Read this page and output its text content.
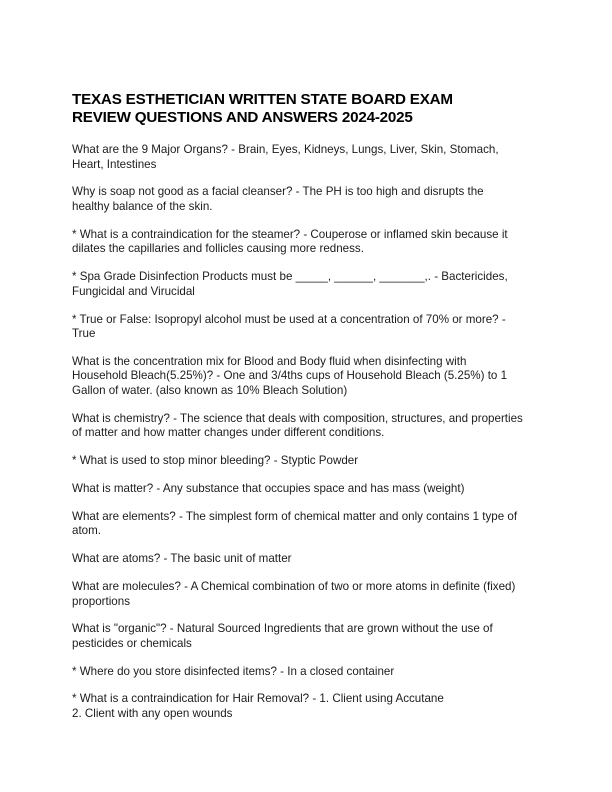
TEXAS ESTHETICIAN WRITTEN STATE BOARD EXAM
REVIEW QUESTIONS AND ANSWERS 2024-2025
What are the 9 Major Organs? - Brain, Eyes, Kidneys, Lungs, Liver, Skin, Stomach,
Heart, Intestines
Why is soap not good as a facial cleanser? - The PH is too high and disrupts the
healthy balance of the skin.
* What is a contraindication for the steamer? - Couperose or inflamed skin because it
dilates the capillaries and follicles causing more redness.
* Spa Grade Disinfection Products must be _____, ______, _______,. - Bactericides,
Fungicidal and Virucidal
* True or False: Isopropyl alcohol must be used at a concentration of 70% or more? -
True
What is the concentration mix for Blood and Body fluid when disinfecting with
Household Bleach(5.25%)? - One and 3/4ths cups of Household Bleach (5.25%) to 1
Gallon of water. (also known as 10% Bleach Solution)
What is chemistry? - The science that deals with composition, structures, and properties
of matter and how matter changes under different conditions.
* What is used to stop minor bleeding? - Styptic Powder
What is matter? - Any substance that occupies space and has mass (weight)
What are elements? - The simplest form of chemical matter and only contains 1 type of
atom.
What are atoms? - The basic unit of matter
What are molecules? - A Chemical combination of two or more atoms in definite (fixed)
proportions
What is "organic"? - Natural Sourced Ingredients that are grown without the use of
pesticides or chemicals
* Where do you store disinfected items? - In a closed container
* What is a contraindication for Hair Removal? - 1. Client using Accutane
2. Client with any open wounds
